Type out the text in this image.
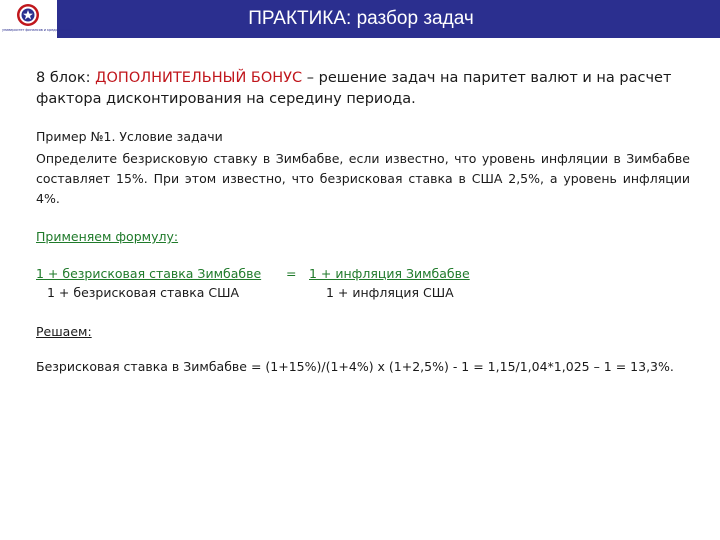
университет финансов и кредитования
ПРАКТИКА: разбор задач

8 блок: ДОПОЛНИТЕЛЬНЫЙ БОНУС – решение задач на паритет валют и на расчет фактора дисконтирования на середину периода.

Пример №1. Условие задачи

Определите безрисковую ставку в Зимбабве, если известно, что уровень инфляции в Зимбабве составляет 15%. При этом известно, что безрисковая ставка в США 2,5%, а уровень инфляции 4%.

Применяем формулу:

1 + безрисковая ставка Зимбабве
1 + безрисковая ставка США
= 1 + инфляция Зимбабве
1 + инфляция США

Решаем:

Безрисковая ставка в Зимбабве = (1+15%)/(1+4%) х (1+2,5%) - 1 = 1,15/1,04*1,025 – 1 = 13,3%.
